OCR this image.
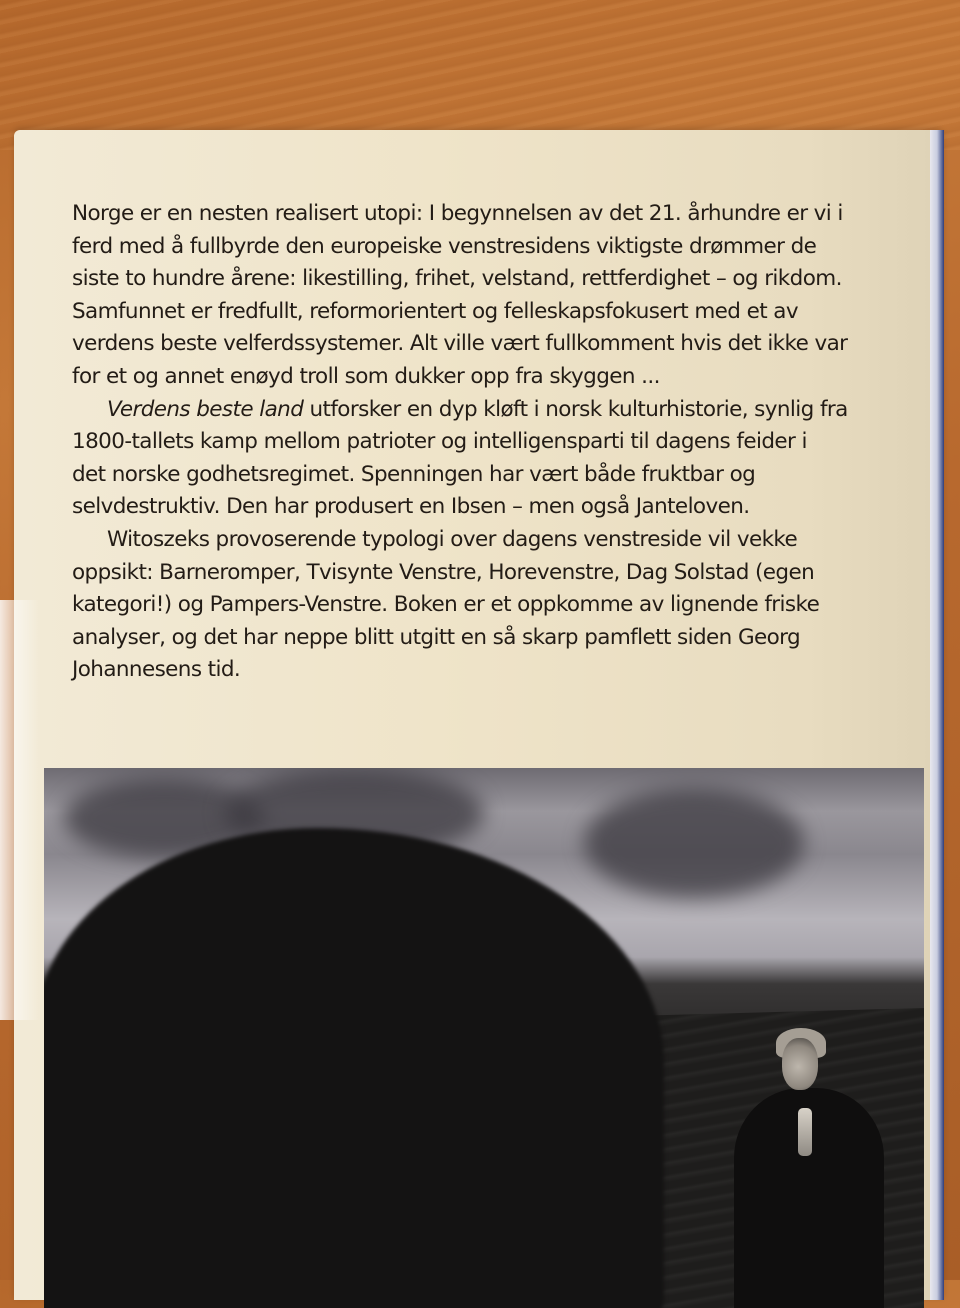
Norge er en nesten realisert utopi: I begynnelsen av det 21. århundre er vi i
ferd med å fullbyrde den europeiske venstresidens viktigste drømmer de
siste to hundre årene: likestilling, frihet, velstand, rettferdighet – og rikdom.
Samfunnet er fredfullt, reformorientert og felleskapsfokusert med et av
verdens beste velferdssystemer. Alt ville vært fullkomment hvis det ikke var
for et og annet enøyd troll som dukker opp fra skyggen ...

Verdens beste land utforsker en dyp kløft i norsk kulturhistorie, synlig fra
1800-tallets kamp mellom patrioter og intelligensparti til dagens feider i
det norske godhetsregimet. Spenningen har vært både fruktbar og
selvdestruktiv. Den har produsert en Ibsen – men også Janteloven.

Witoszeks provoserende typologi over dagens venstreside vil vekke
oppsikt: Barneromper, Tvisynte Venstre, Horevenstre, Dag Solstad (egen
kategori!) og Pampers-Venstre. Boken er et oppkomme av lignende friske
analyser, og det har neppe blitt utgitt en så skarp pamflett siden Georg
Johannesens tid.
